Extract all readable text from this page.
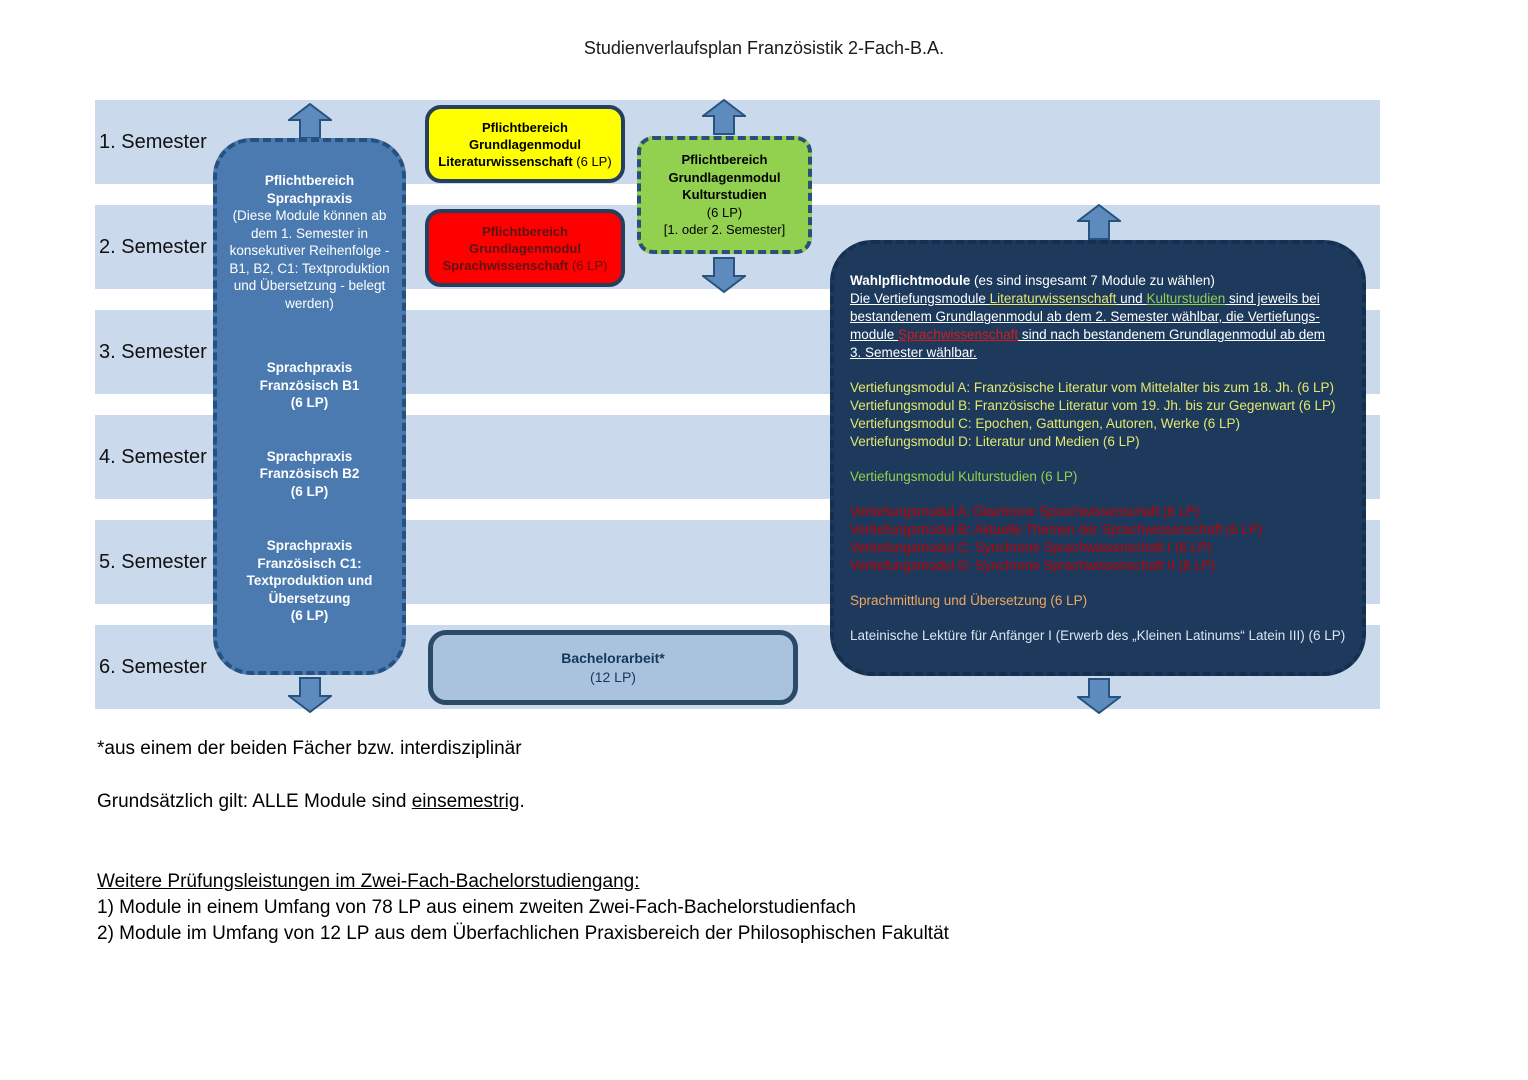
Studienverlaufsplan Französistik 2-Fach-B.A.
1. Semester
2. Semester
3. Semester
4. Semester
5. Semester
6. Semester
Pflichtbereich
Sprachpraxis
(Diese Module können ab dem 1. Semester in konsekutiver Reihenfolge - B1, B2, C1: Textproduktion und Übersetzung - belegt werden)
Sprachpraxis
Französisch B1
(6 LP)
Sprachpraxis
Französisch B2
(6 LP)
Sprachpraxis
Französisch C1:
Textproduktion und
Übersetzung
(6 LP)
Pflichtbereich
Grundlagenmodul
Literaturwissenschaft (6 LP)
Pflichtbereich
Grundlagenmodul
Sprachwissenschaft (6 LP)
Pflichtbereich
Grundlagenmodul
Kulturstudien
(6 LP)
[1. oder 2. Semester]
Wahlpflichtmodule (es sind insgesamt 7 Module zu wählen)
Die Vertiefungsmodule Literaturwissenschaft und Kulturstudien sind jeweils bei
bestandenem Grundlagenmodul ab dem 2. Semester wählbar, die Vertiefungs-
module Sprachwissenschaft sind nach bestandenem Grundlagenmodul ab dem
3. Semester wählbar.
Vertiefungsmodul A: Französische Literatur vom Mittelalter bis zum 18. Jh. (6 LP)
Vertiefungsmodul B: Französische Literatur vom 19. Jh. bis zur Gegenwart (6 LP)
Vertiefungsmodul C: Epochen, Gattungen, Autoren, Werke (6 LP)
Vertiefungsmodul D: Literatur und Medien (6 LP)
Vertiefungsmodul Kulturstudien (6 LP)
Vertiefungsmodul A: Diachrone Sprachwissenschaft (6 LP)
Vertiefungsmodul B: Aktuelle Themen der Sprachwissenschaft (6 LP)
Vertiefungsmodul C: Synchrone Sprachwissenschaft I (6 LP)
Vertiefungsmodul D: Synchrone Sprachwissenschaft II (6 LP)
Sprachmittlung und Übersetzung (6 LP)
Lateinische Lektüre für Anfänger I (Erwerb des „Kleinen Latinums“ Latein III) (6 LP)
Bachelorarbeit*
(12 LP)
*aus einem der beiden Fächer bzw. interdisziplinär
Grundsätzlich gilt: ALLE Module sind einsemestrig.
Weitere Prüfungsleistungen im Zwei-Fach-Bachelorstudiengang:
1) Module in einem Umfang von 78 LP aus einem zweiten Zwei-Fach-Bachelorstudienfach
2) Module im Umfang von 12 LP aus dem Überfachlichen Praxisbereich der Philosophischen Fakultät
